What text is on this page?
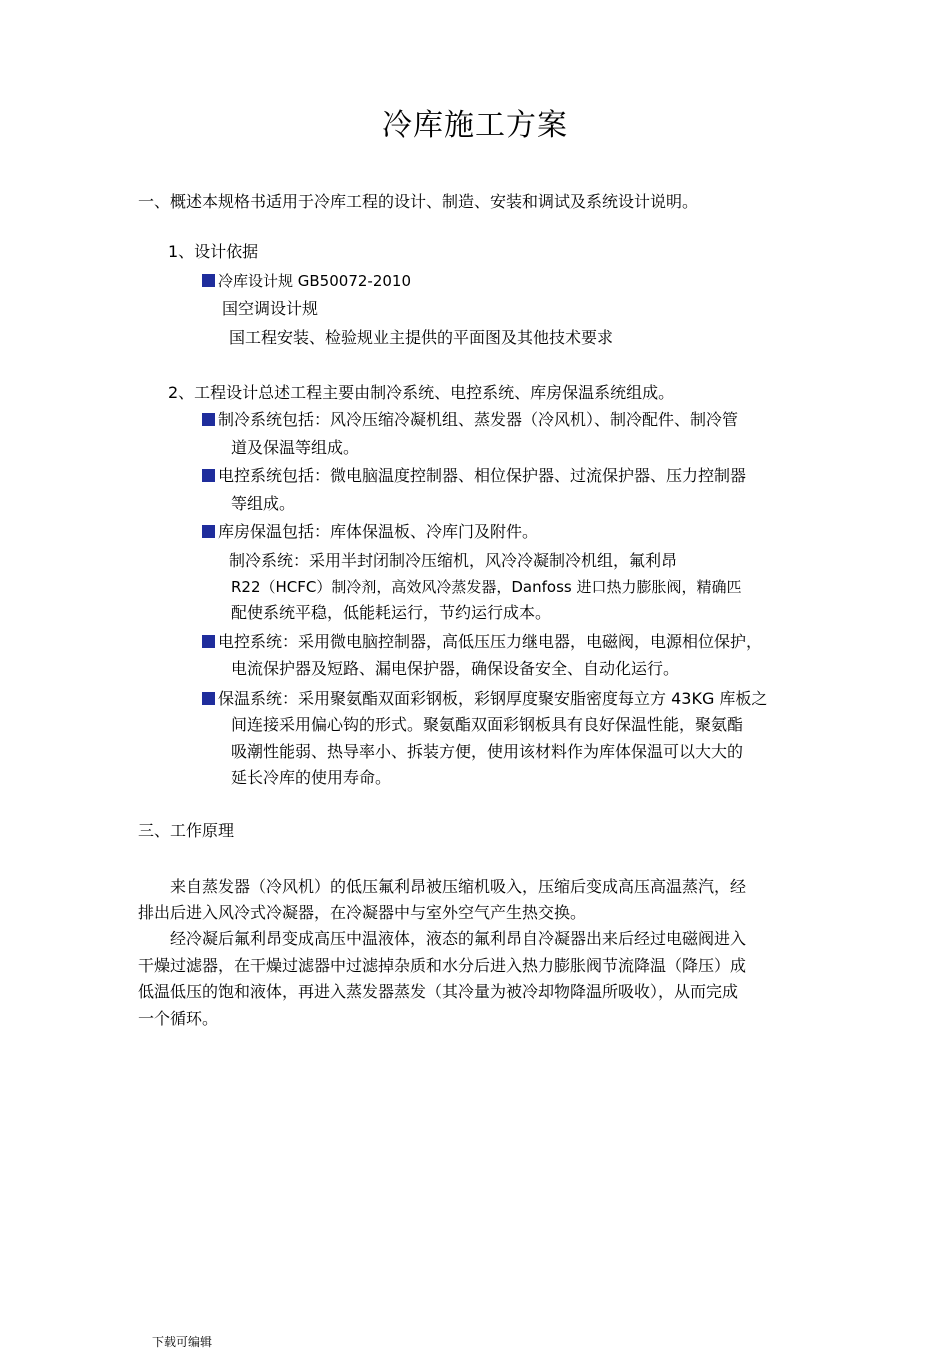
冷库施工方案
一、概述本规格书适用于冷库工程的设计、制造、安装和调试及系统设计说明。
1、设计依据
冷库设计规 GB50072-2010
国空调设计规
国工程安装、检验规业主提供的平面图及其他技术要求
2、工程设计总述工程主要由制冷系统、电控系统、库房保温系统组成。
制冷系统包括：风冷压缩冷凝机组、蒸发器（冷风机）、制冷配件、制冷管
道及保温等组成。
电控系统包括：微电脑温度控制器、相位保护器、过流保护器、压力控制器
等组成。
库房保温包括：库体保温板、冷库门及附件。
制冷系统：采用半封闭制冷压缩机，风冷冷凝制冷机组，氟利昂
R22（HCFC）制冷剂，高效风冷蒸发器，Danfoss 进口热力膨胀阀，精确匹
配使系统平稳，低能耗运行，节约运行成本。
电控系统：采用微电脑控制器，高低压压力继电器，电磁阀，电源相位保护，
电流保护器及短路、漏电保护器，确保设备安全、自动化运行。
保温系统：采用聚氨酯双面彩钢板，彩钢厚度聚安脂密度每立方 43KG 库板之
间连接采用偏心钩的形式。聚氨酯双面彩钢板具有良好保温性能，聚氨酯
吸潮性能弱、热导率小、拆装方便，使用该材料作为库体保温可以大大的
延长冷库的使用寿命。
三、工作原理
来自蒸发器（冷风机）的低压氟利昂被压缩机吸入，压缩后变成高压高温蒸汽，经
排出后进入风冷式冷凝器，在冷凝器中与室外空气产生热交换。
经冷凝后氟利昂变成高压中温液体，液态的氟利昂自冷凝器出来后经过电磁阀进入
干燥过滤器，在干燥过滤器中过滤掉杂质和水分后进入热力膨胀阀节流降温（降压）成
低温低压的饱和液体，再进入蒸发器蒸发（其冷量为被冷却物降温所吸收），从而完成
一个循环。
下载可编辑
